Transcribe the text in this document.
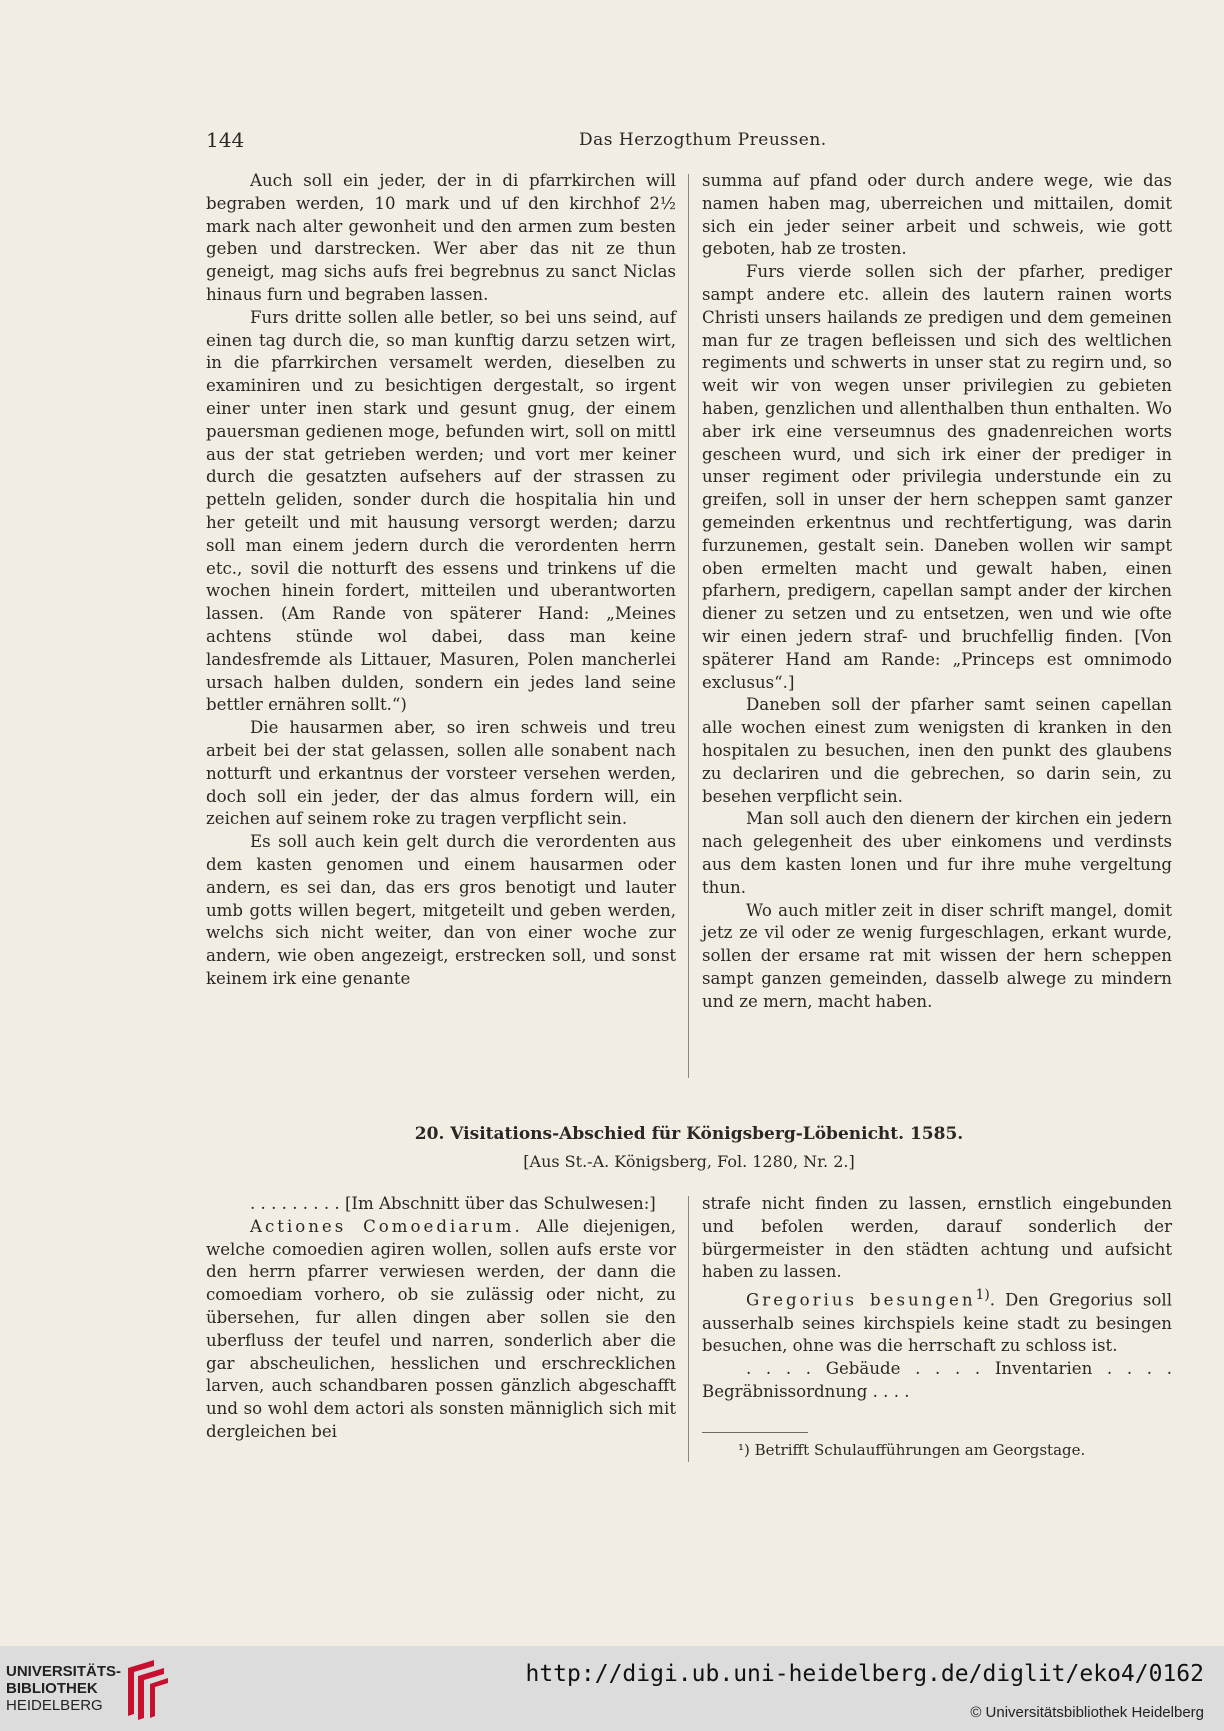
144	Das Herzogthum Preussen.

Auch soll ein jeder, der in di pfarrkirchen will begraben werden, 10 mark und uf den kirchhof 2½ mark nach alter gewonheit und den armen zum besten geben und darstrecken. Wer aber das nit ze thun geneigt, mag sichs aufs frei begrebnus zu sanct Niclas hinaus furn und begraben lassen.

Furs dritte sollen alle betler, so bei uns seind, auf einen tag durch die, so man kunftig darzu setzen wirt, in die pfarrkirchen versamelt werden, dieselben zu examiniren und zu besichtigen dergestalt, so irgent einer unter inen stark und gesunt gnug, der einem pauersman gedienen moge, befunden wirt, soll on mittl aus der stat getrieben werden; und vort mer keiner durch die gesatzten aufsehers auf der strassen zu petteln geliden, sonder durch die hospitalia hin und her geteilt und mit hausung versorgt werden; darzu soll man einem jedern durch die verordenten herrn etc., sovil die notturft des essens und trinkens uf die wochen hinein fordert, mitteilen und uberantworten lassen. (Am Rande von späterer Hand: „Meines achtens stünde wol dabei, dass man keine landesfremde als Littauer, Masuren, Polen mancherlei ursach halben dulden, sondern ein jedes land seine bettler ernähren sollt.“)

Die hausarmen aber, so iren schweis und treu arbeit bei der stat gelassen, sollen alle sonabent nach notturft und erkantnus der vorsteer versehen werden, doch soll ein jeder, der das almus fordern will, ein zeichen auf seinem roke zu tragen verpflicht sein.

Es soll auch kein gelt durch die verordenten aus dem kasten genomen und einem hausarmen oder andern, es sei dan, das ers gros benotigt und lauter umb gotts willen begert, mitgeteilt und geben werden, welchs sich nicht weiter, dan von einer woche zur andern, wie oben angezeigt, erstrecken soll, und sonst keinem irk eine genante

summa auf pfand oder durch andere wege, wie das namen haben mag, uberreichen und mittailen, domit sich ein jeder seiner arbeit und schweis, wie gott geboten, hab ze trosten.

Furs vierde sollen sich der pfarher, prediger sampt andere etc. allein des lautern rainen worts Christi unsers hailands ze predigen und dem gemeinen man fur ze tragen befleissen und sich des weltlichen regiments und schwerts in unser stat zu regirn und, so weit wir von wegen unser privilegien zu gebieten haben, genzlichen und allenthalben thun enthalten. Wo aber irk eine verseumnus des gnadenreichen worts gescheen wurd, und sich irk einer der prediger in unser regiment oder privilegia understunde ein zu greifen, soll in unser der hern scheppen samt ganzer gemeinden erkentnus und rechtfertigung, was darin furzunemen, gestalt sein. Daneben wollen wir sampt oben ermelten macht und gewalt haben, einen pfarhern, predigern, capellan sampt ander der kirchen diener zu setzen und zu entsetzen, wen und wie ofte wir einen jedern straf- und bruchfellig finden. [Von späterer Hand am Rande: „Princeps est omnimodo exclusus“.]

Daneben soll der pfarher samt seinen capellan alle wochen einest zum wenigsten di kranken in den hospitalen zu besuchen, inen den punkt des glaubens zu declariren und die gebrechen, so darin sein, zu besehen verpflicht sein.

Man soll auch den dienern der kirchen ein jedern nach gelegenheit des uber einkomens und verdinsts aus dem kasten lonen und fur ihre muhe vergeltung thun.

Wo auch mitler zeit in diser schrift mangel, domit jetz ze vil oder ze wenig furgeschlagen, erkant wurde, sollen der ersame rat mit wissen der hern scheppen sampt ganzen gemeinden, dasselb alwege zu mindern und ze mern, macht haben.

20. Visitations-Abschied für Königsberg-Löbenicht. 1585.
[Aus St.-A. Königsberg, Fol. 1280, Nr. 2.]

. . . . . . . . . [Im Abschnitt über das Schulwesen:]

Actiones Comoediarum. Alle diejenigen, welche comoedien agiren wollen, sollen aufs erste vor den herrn pfarrer verwiesen werden, der dann die comoediam vorhero, ob sie zulässig oder nicht, zu übersehen, fur allen dingen aber sollen sie den uberfluss der teufel und narren, sonderlich aber die gar abscheulichen, hesslichen und erschrecklichen larven, auch schandbaren possen gänzlich abgeschafft und so wohl dem actori als sonsten männiglich sich mit dergleichen bei

strafe nicht finden zu lassen, ernstlich eingebunden und befolen werden, darauf sonderlich der bürgermeister in den städten achtung und aufsicht haben zu lassen.

Gregorius besungen$^{1)}$. Den Gregorius soll ausserhalb seines kirchspiels keine stadt zu besingen besuchen, ohne was die herrschaft zu schloss ist.

. . . . Gebäude . . . . Inventarien . . . . Begräbnissordnung . . . .

¹) Betrifft Schulaufführungen am Georgstage.
UNIVERSITÄTS-
BIBLIOTHEK
HEIDELBERG
http://digi.ub.uni-heidelberg.de/diglit/eko4/0162
© Universitätsbibliothek Heidelberg
